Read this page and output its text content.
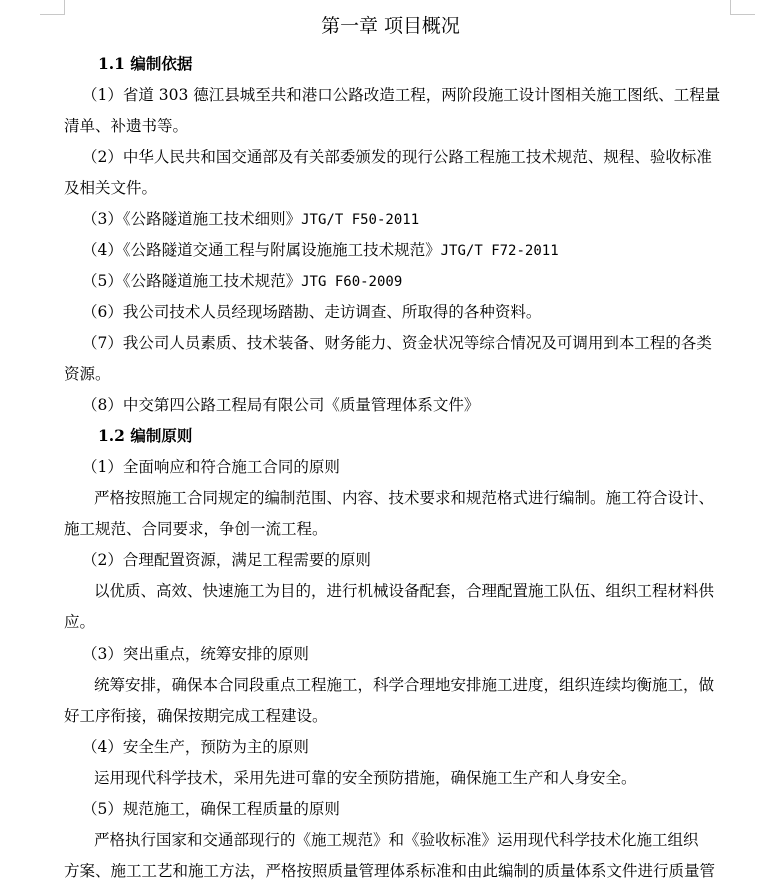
第一章 项目概况
1.1 编制依据
（1）省道 303 德江县城至共和港口公路改造工程，两阶段施工设计图相关施工图纸、工程量
清单、补遗书等。
（2）中华人民共和国交通部及有关部委颁发的现行公路工程施工技术规范、规程、验收标准
及相关文件。
（3）《公路隧道施工技术细则》JTG/T F50-2011
（4）《公路隧道交通工程与附属设施施工技术规范》JTG/T F72-2011
（5）《公路隧道施工技术规范》JTG F60-2009
（6）我公司技术人员经现场踏勘、走访调查、所取得的各种资料。
（7）我公司人员素质、技术装备、财务能力、资金状况等综合情况及可调用到本工程的各类
资源。
（8）中交第四公路工程局有限公司《质量管理体系文件》
1.2 编制原则
（1）全面响应和符合施工合同的原则
严格按照施工合同规定的编制范围、内容、技术要求和规范格式进行编制。施工符合设计、
施工规范、合同要求，争创一流工程。
（2）合理配置资源，满足工程需要的原则
以优质、高效、快速施工为目的，进行机械设备配套，合理配置施工队伍、组织工程材料供
应。
（3）突出重点，统筹安排的原则
统筹安排，确保本合同段重点工程施工，科学合理地安排施工进度，组织连续均衡施工，做
好工序衔接，确保按期完成工程建设。
（4）安全生产，预防为主的原则
运用现代科学技术，采用先进可靠的安全预防措施，确保施工生产和人身安全。
（5）规范施工，确保工程质量的原则
严格执行国家和交通部现行的《施工规范》和《验收标准》运用现代科学技术化施工组织
方案、施工工艺和施工方法，严格按照质量管理体系标准和由此编制的质量体系文件进行质量管
